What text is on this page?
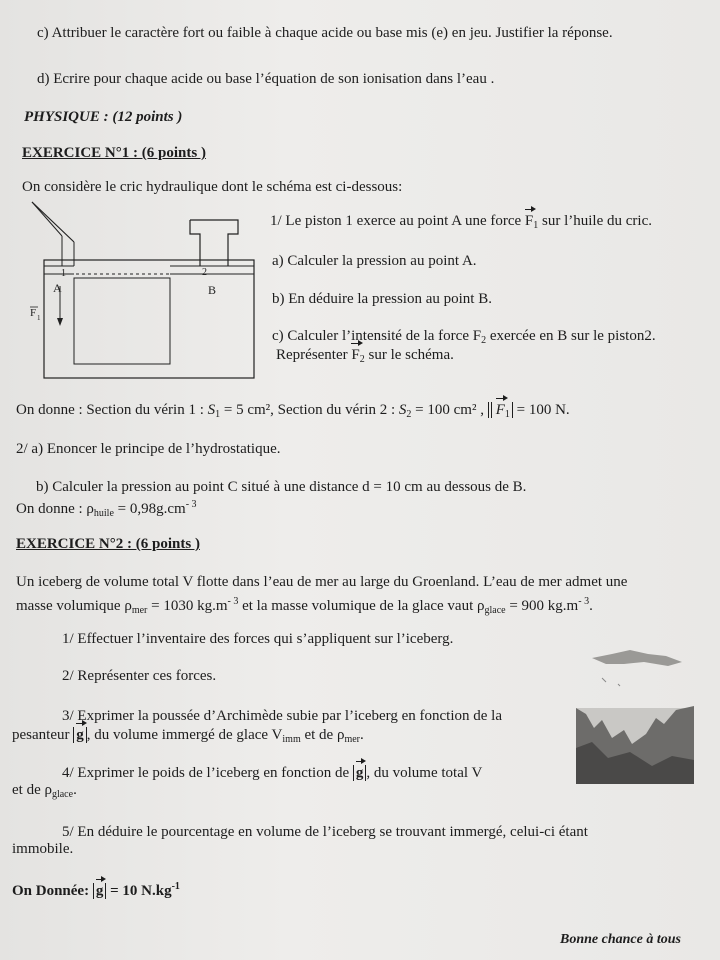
c) Attribuer le caractère fort ou faible à chaque acide ou base mis (e) en jeu. Justifier la réponse.
d) Ecrire pour chaque acide ou base l’équation de son ionisation dans l’eau .
PHYSIQUE : (12 points )
EXERCICE N°1 : (6 points )
On considère le cric hydraulique dont le schéma est ci-dessous:
1	2
A	B
F 1
1/ Le piston 1 exerce au point A une force $F_1$ sur l’huile du cric.
a) Calculer la pression au point A.
b) En déduire la pression au point B.
c) Calculer l’intensité de la force $F_2$ exercée en B sur le piston2.
Représenter $F_2$ sur le schéma.
On donne : Section du vérin 1 : $S_1 = 5$ cm², Section du vérin 2 : $S_2 = 100$ cm² , $F_1 = 100$ N.
2/ a) Enoncer le principe de l’hydrostatique.
b) Calculer la pression au point C situé à une distance d = 10 cm au dessous de B.
On donne : $\rho_{huile} = 0,98g.cm^{- 3}$
EXERCICE N°2 : (6 points )
Un iceberg de volume total V flotte dans l’eau de mer au large du Groenland. L’eau de mer admet une
masse volumique $\rho_{mer} = 1030$ $kg.m^{- 3}$ et la masse volumique de la glace vaut $\rho_{glace} = 900$ $kg.m^{- 3}$.
1/ Effectuer l’inventaire des forces qui s’appliquent sur l’iceberg.
2/ Représenter ces forces.
3/ Exprimer la poussée d’Archimède subie par l’iceberg en fonction de la
pesanteur g , du volume immergé de glace $V_{imm}$ et de $\rho_{mer}$.
4/ Exprimer le poids de l’iceberg en fonction de g , du volume total V
et de $\rho_{glace}$.
5/ En déduire le pourcentage en volume de l’iceberg se trouvant immergé, celui-ci étant
immobile.
On Donnée: g = 10 $N.kg^{-1}$
Bonne chance à tous
